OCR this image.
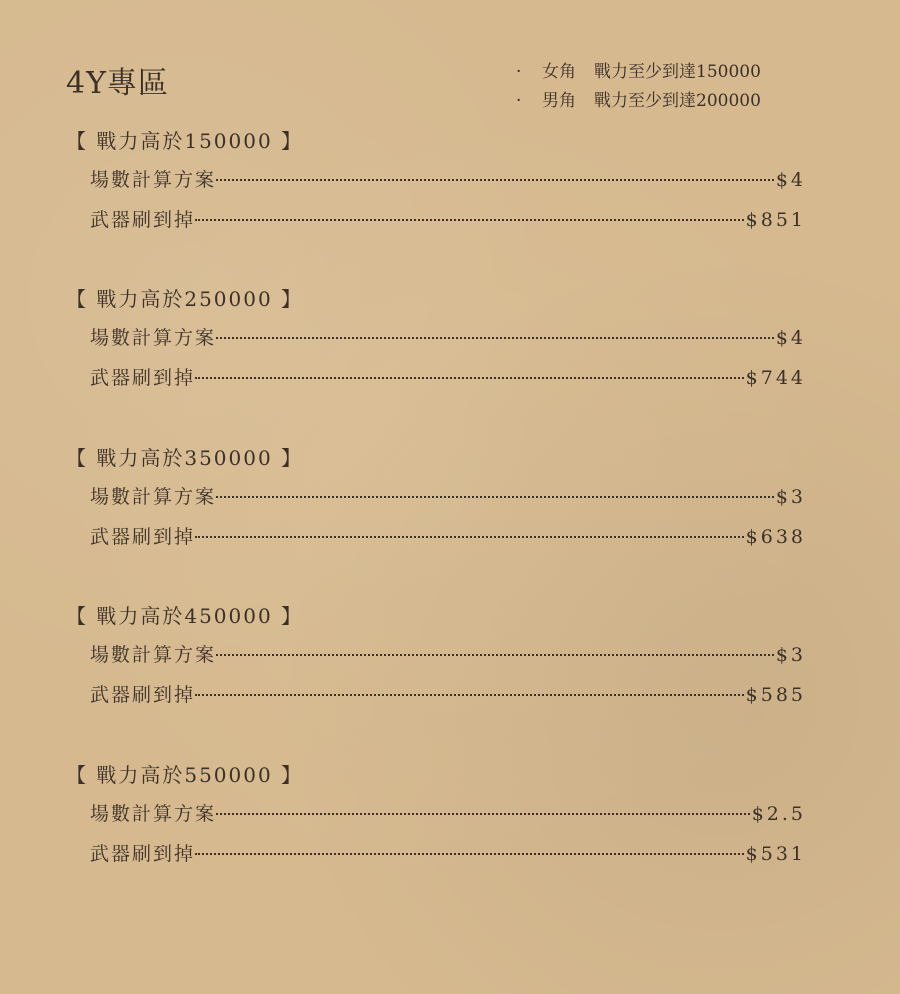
4Y專區	· 女角 戰力至少到達150000
· 男角 戰力至少到達200000
【 戰力高於150000 】
場數計算方案	$4
武器刷到掉	$851
【 戰力高於250000 】
場數計算方案	$4
武器刷到掉	$744
【 戰力高於350000 】
場數計算方案	$3
武器刷到掉	$638
【 戰力高於450000 】
場數計算方案	$3
武器刷到掉	$585
【 戰力高於550000 】
場數計算方案	$2.5
武器刷到掉	$531
